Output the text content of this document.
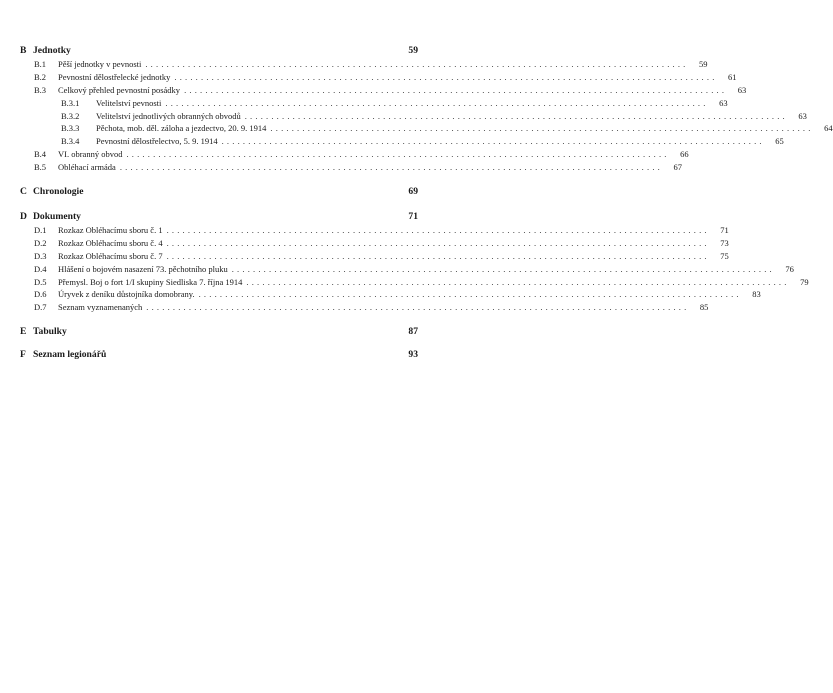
B Jednotky	59
B.1	Pěší jednotky v pevnosti ......................................................................................................	59
B.2	Pevnostní dělostřelecké jednotky ......................................................................................................	61
B.3	Celkový přehled pevnostní posádky ......................................................................................................	63
B.3.1	Velitelství pevnosti ......................................................................................................	63
B.3.2	Velitelství jednotlivých obranných obvodů ......................................................................................................	63
B.3.3	Pěchota, mob. děl. záloha a jezdectvo, 20. 9. 1914 ......................................................................................................	64
B.3.4	Pevnostní dělostřelectvo, 5. 9. 1914 ......................................................................................................	65
B.4	VI. obranný obvod ......................................................................................................	66
B.5	Obléhací armáda ......................................................................................................	67
C Chronologie	69
D Dokumenty	71
D.1	Rozkaz Obléhacímu sboru č. 1 ......................................................................................................	71
D.2	Rozkaz Obléhacímu sboru č. 4 ......................................................................................................	73
D.3	Rozkaz Obléhacímu sboru č. 7 ......................................................................................................	75
D.4	Hlášení o bojovém nasazení 73. pěchotního pluku ......................................................................................................	76
D.5	Přemysl. Boj o fort 1/I skupiny Siedliska 7. října 1914 ......................................................................................................	79
D.6	Úryvek z deníku důstojníka domobrany. ......................................................................................................	83
D.7	Seznam vyznamenaných ......................................................................................................	85
E Tabulky	87
F Seznam legionářů	93
